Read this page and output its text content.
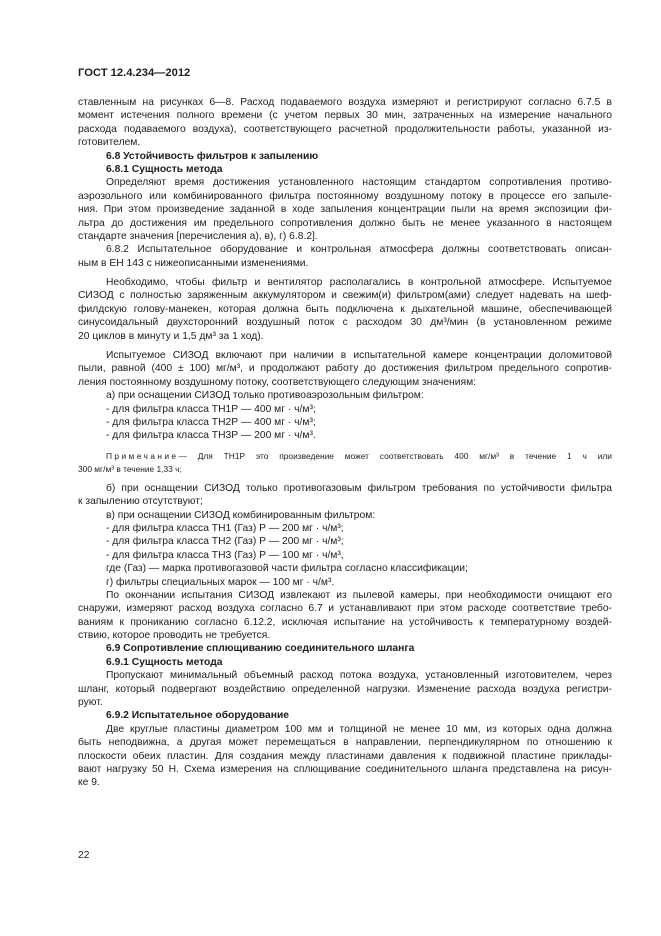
ГОСТ 12.4.234—2012
ставленным на рисунках 6—8. Расход подаваемого воздуха измеряют и регистрируют согласно 6.7.5 в
момент истечения полного времени (с учетом первых 30 мин, затраченных на измерение начального
расхода подаваемого воздуха), соответствующего расчетной продолжительности работы, указанной из-
готовителем.
6.8 Устойчивость фильтров к запылению
6.8.1 Сущность метода
Определяют время достижения установленного настоящим стандартом сопротивления противо-
аэрозольного или комбинированного фильтра постоянному воздушному потоку в процессе его запыле-
ния. При этом произведение заданной в ходе запыления концентрации пыли на время экспозиции фи-
льтра до достижения им предельного сопротивления должно быть не менее указанного в настоящем
стандарте значения [перечисления а), в), г) 6.8.2].
6.8.2 Испытательное оборудование и контрольная атмосфера должны соответствовать описан-
ным в ЕН 143 с нижеописанными изменениями.
Необходимо, чтобы фильтр и вентилятор располагались в контрольной атмосфере. Испытуемое
СИЗОД с полностью заряженным аккумулятором и свежим(и) фильтром(ами) следует надевать на шеф-
филдскую голову-манекен, которая должна быть подключена к дыхательной машине, обеспечивающей
синусоидальный двухсторонний воздушный поток с расходом 30 дм³/мин (в установленном режиме
20 циклов в минуту и 1,5 дм³ за 1 ход).
Испытуемое СИЗОД включают при наличии в испытательной камере концентрации доломитовой
пыли, равной (400 ± 100) мг/м³, и продолжают работу до достижения фильтром предельного сопротив-
ления постоянному воздушному потоку, соответствующего следующим значениям:
а) при оснащении СИЗОД только противоаэрозольным фильтром:
- для фильтра класса ТН1Р — 400 мг · ч/м³;
- для фильтра класса ТН2Р — 400 мг · ч/м³;
- для фильтра класса ТН3Р — 200 мг · ч/м³.
Примечание— Для ТН1Р это произведение может соответствовать 400 мг/м³ в течение 1 ч или
300 мг/м³ в течение 1,33 ч;
б) при оснащении СИЗОД только противогазовым фильтром требования по устойчивости фильтра
к запылению отсутствуют;
в) при оснащении СИЗОД комбинированным фильтром:
- для фильтра класса ТН1 (Газ) Р — 200 мг · ч/м³;
- для фильтра класса ТН2 (Газ) Р — 200 мг · ч/м³;
- для фильтра класса ТН3 (Газ) Р — 100 мг · ч/м³,
где (Газ) — марка противогазовой части фильтра согласно классификации;
г) фильтры специальных марок — 100 мг · ч/м³.
По окончании испытания СИЗОД извлекают из пылевой камеры, при необходимости очищают его
снаружи, измеряют расход воздуха согласно 6.7 и устанавливают при этом расходе соответствие требо-
ваниям к прониканию согласно 6.12.2, исключая испытание на устойчивость к температурному воздей-
ствию, которое проводить не требуется.
6.9 Сопротивление сплющиванию соединительного шланга
6.9.1 Сущность метода
Пропускают минимальный объемный расход потока воздуха, установленный изготовителем, через
шланг, который подвергают воздействию определенной нагрузки. Изменение расхода воздуха регистри-
руют.
6.9.2 Испытательное оборудование
Две круглые пластины диаметром 100 мм и толщиной не менее 10 мм, из которых одна должна
быть неподвижна, а другая может перемещаться в направлении, перпендикулярном по отношению к
плоскости обеих пластин. Для создания между пластинами давления к подвижной пластине приклады-
вают нагрузку 50 Н. Схема измерения на сплющивание соединительного шланга представлена на рисун-
ке 9.
22
